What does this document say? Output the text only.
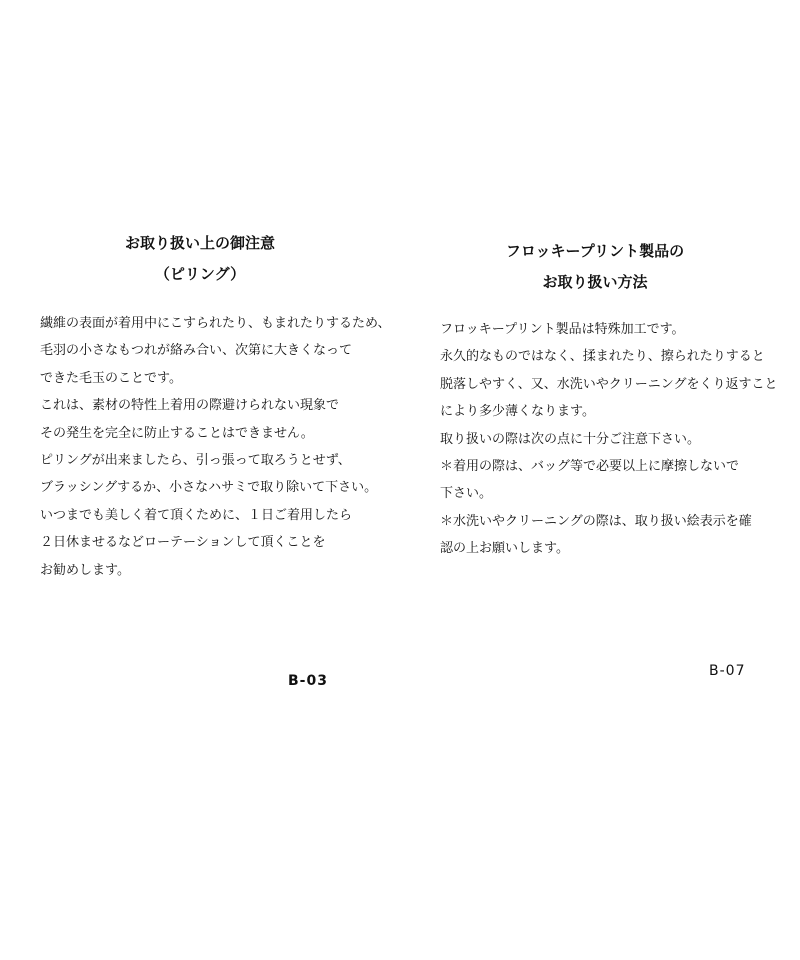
お取り扱い上の御注意
（ピリング）
繊維の表面が着用中にこすられたり、もまれたりするため、
毛羽の小さなもつれが絡み合い、次第に大きくなって
できた毛玉のことです。
これは、素材の特性上着用の際避けられない現象で
その発生を完全に防止することはできません。
ピリングが出来ましたら、引っ張って取ろうとせず、
ブラッシングするか、小さなハサミで取り除いて下さい。
いつまでも美しく着て頂くために、１日ご着用したら
２日休ませるなどローテーションして頂くことを
お勧めします。
B-03
フロッキープリント製品の
お取り扱い方法
フロッキープリント製品は特殊加工です。
永久的なものではなく、揉まれたり、擦られたりすると
脱落しやすく、又、水洗いやクリーニングをくり返すこと
により多少薄くなります。
取り扱いの際は次の点に十分ご注意下さい。
＊着用の際は、バッグ等で必要以上に摩擦しないで
下さい。
＊水洗いやクリーニングの際は、取り扱い絵表示を確
認の上お願いします。
B-07
